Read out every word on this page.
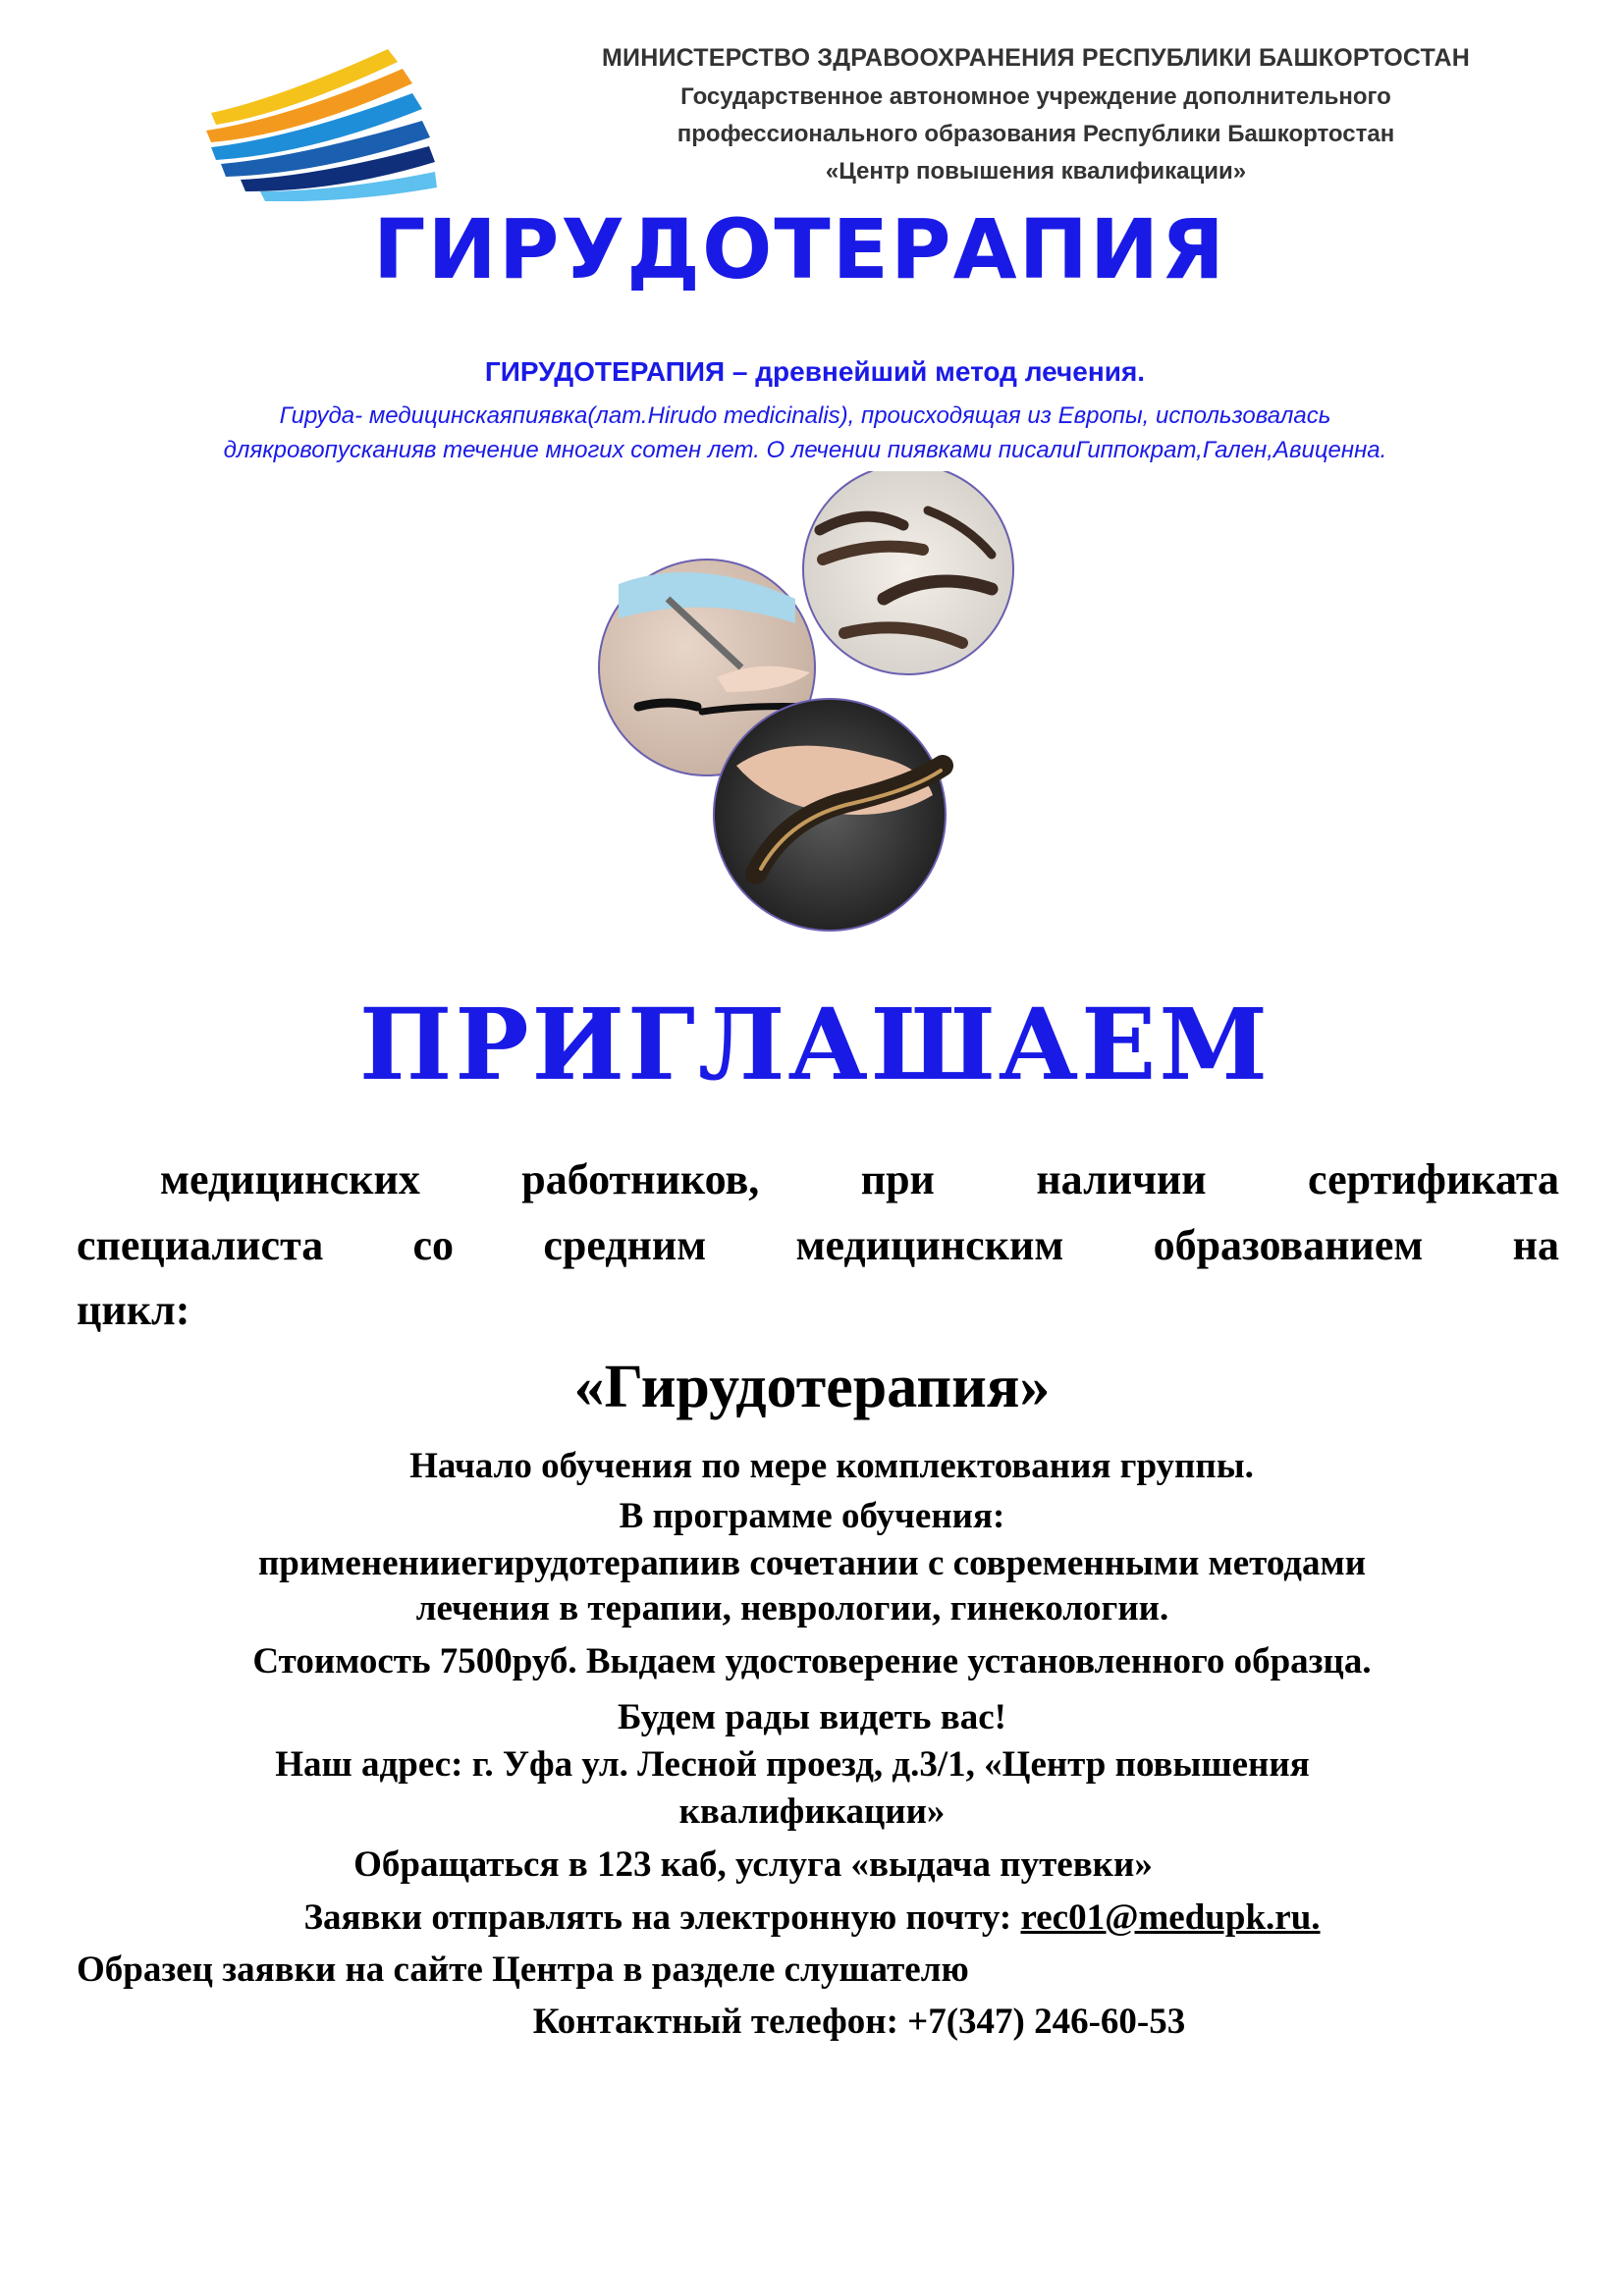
МИНИСТЕРСТВО ЗДРАВООХРАНЕНИЯ РЕСПУБЛИКИ БАШКОРТОСТАН
Государственное автономное учреждение дополнительного
профессионального образования Республики Башкортостан
«Центр повышения квалификации»
ГИРУДОТЕРАПИЯ
ГИРУДОТЕРАПИЯ – древнейший метод лечения.
Гируда- медицинскаяпиявка(лат.Hirudo medicinalis), происходящая из Европы, использовалась
длякровопусканияв течение многих сотен лет. О лечении пиявками писалиГиппократ,Гален,Авиценна.
ПРИГЛАШАЕМ
медицинских работников, при наличии сертификата
специалиста со средним медицинским образованием на
цикл:
«Гирудотерапия»
Начало обучения по мере комплектования группы.
В программе обучения:
примененииегирудотерапиив сочетании с современными методами
лечения в терапии, неврологии, гинекологии.
Стоимость 7500руб. Выдаем удостоверение установленного образца.
Будем рады видеть вас!
Наш адрес: г. Уфа ул. Лесной проезд, д.3/1, «Центр повышения
квалификации»
Обращаться в 123 каб, услуга «выдача путевки»
Заявки отправлять на электронную почту: rec01@medupk.ru.
Образец заявки на сайте Центра в разделе слушателю
Контактный телефон: +7(347) 246-60-53
